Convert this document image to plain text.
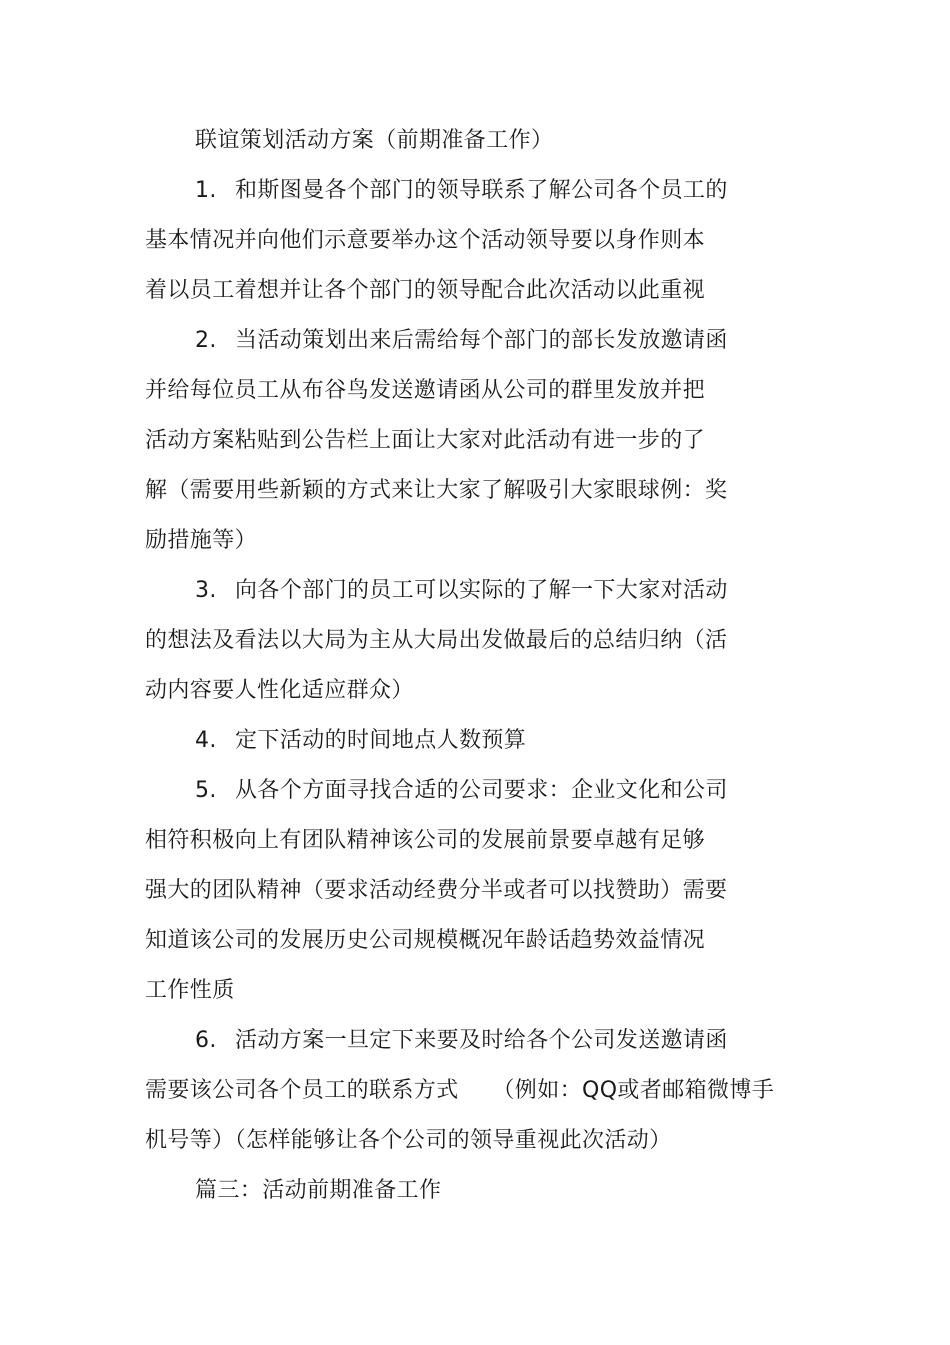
联谊策划活动方案（前期准备工作）
1. 和斯图曼各个部门的领导联系了解公司各个员工的
基本情况并向他们示意要举办这个活动领导要以身作则本
着以员工着想并让各个部门的领导配合此次活动以此重视
2. 当活动策划出来后需给每个部门的部长发放邀请函
并给每位员工从布谷鸟发送邀请函从公司的群里发放并把
活动方案粘贴到公告栏上面让大家对此活动有进一步的了
解（需要用些新颖的方式来让大家了解吸引大家眼球例：奖
励措施等）
3. 向各个部门的员工可以实际的了解一下大家对活动
的想法及看法以大局为主从大局出发做最后的总结归纳（活
动内容要人性化适应群众）
4. 定下活动的时间地点人数预算
5. 从各个方面寻找合适的公司要求：企业文化和公司
相符积极向上有团队精神该公司的发展前景要卓越有足够
强大的团队精神（要求活动经费分半或者可以找赞助）需要
知道该公司的发展历史公司规模概况年龄话趋势效益情况
工作性质
6. 活动方案一旦定下来要及时给各个公司发送邀请函
需要该公司各个员工的联系方式　　（例如：QQ或者邮箱微博手
机号等）（怎样能够让各个公司的领导重视此次活动）
篇三：活动前期准备工作
